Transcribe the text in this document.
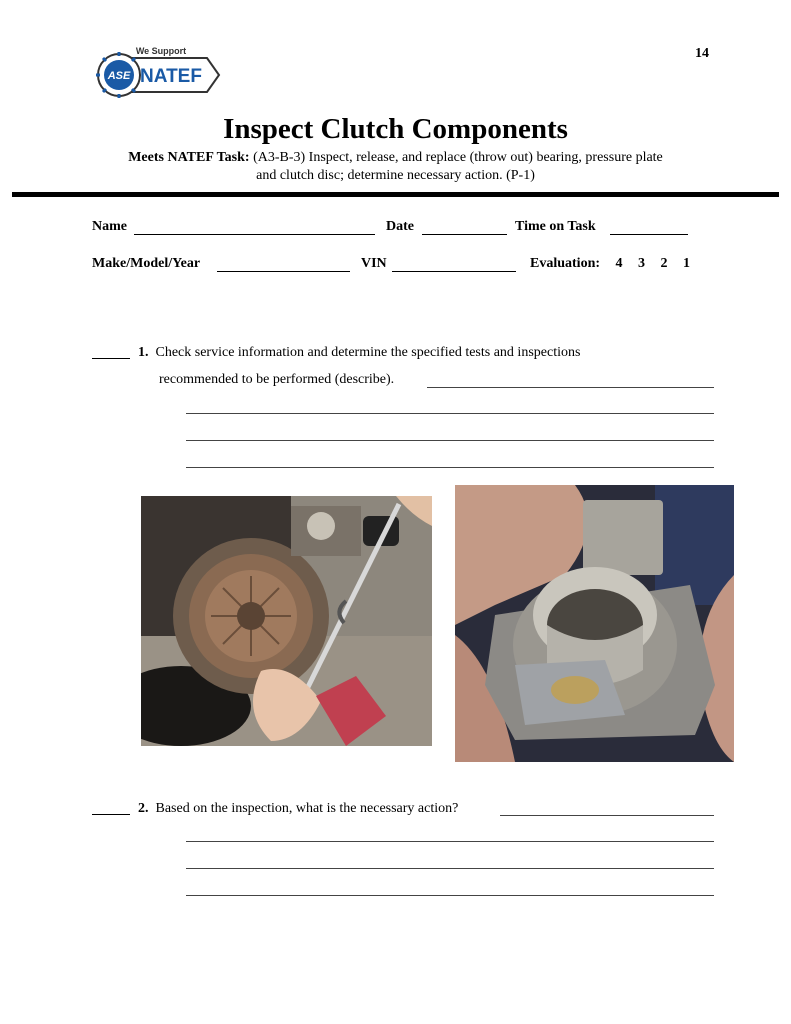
ASE
We Support
NATEF
14
Inspect Clutch Components
Meets NATEF Task: (A3-B-3) Inspect, release, and replace (throw out) bearing, pressure plate
and clutch disc; determine necessary action. (P-1)
Name	Date	Time on Task
Make/Model/Year	VIN	Evaluation: 4 3 2 1
1. Check service information and determine the specified tests and inspections
recommended to be performed (describe).
2. Based on the inspection, what is the necessary action?
